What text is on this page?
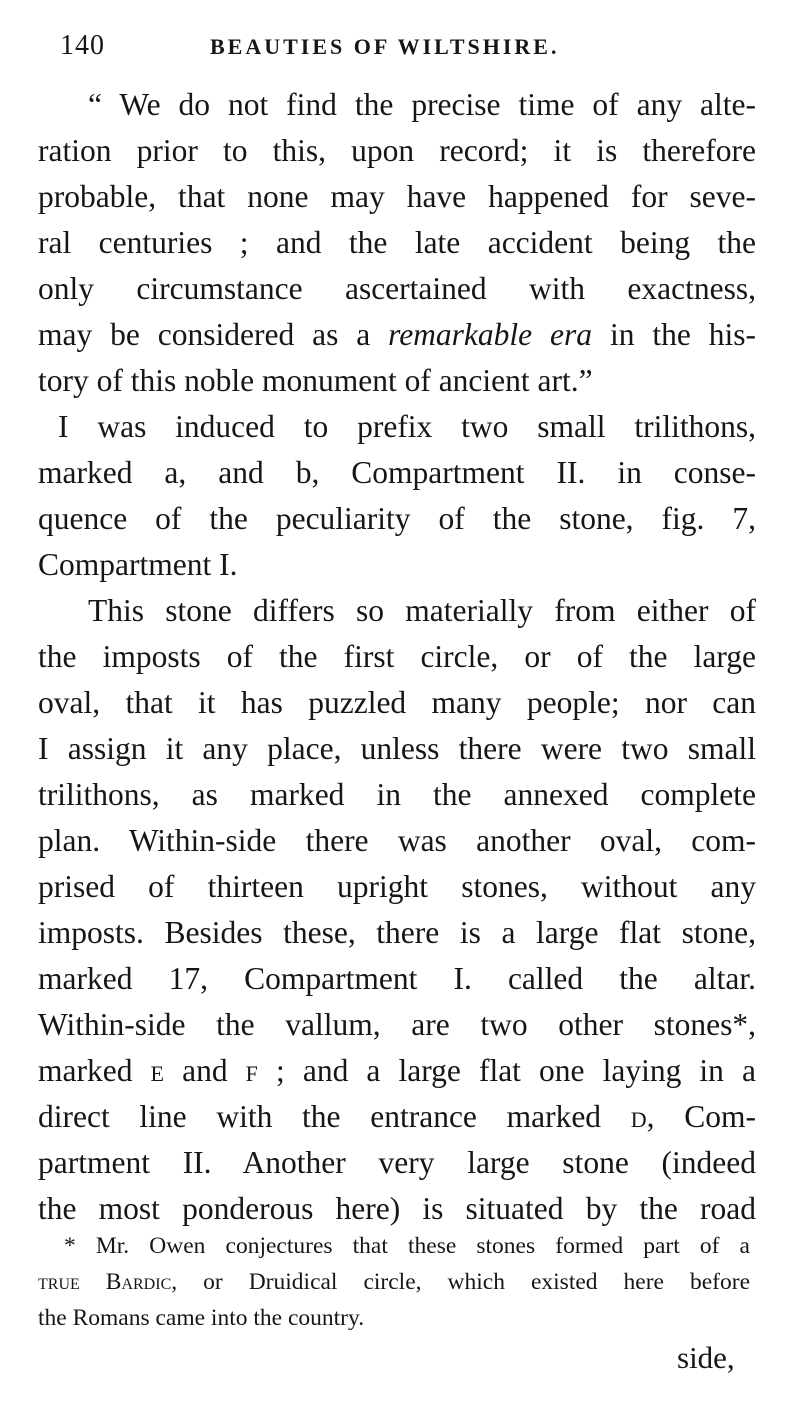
140	BEAUTIES OF WILTSHIRE.
“ We do not find the precise time of any alte-
ration prior to this, upon record; it is therefore
probable, that none may have happened for seve-
ral centuries ; and the late accident being the
only circumstance ascertained with exactness,
may be considered as a remarkable era in the his-
tory of this noble monument of ancient art.”
I was induced to prefix two small trilithons,
marked a, and b, Compartment II. in conse-
quence of the peculiarity of the stone, fig. 7,
Compartment I.
This stone differs so materially from either of
the imposts of the first circle, or of the large
oval, that it has puzzled many people; nor can
I assign it any place, unless there were two small
trilithons, as marked in the annexed complete
plan. Within-side there was another oval, com-
prised of thirteen upright stones, without any
imposts. Besides these, there is a large flat stone,
marked 17, Compartment I. called the altar.
Within-side the vallum, are two other stones*,
marked e and f ; and a large flat one laying in a
direct line with the entrance marked d, Com-
partment II. Another very large stone (indeed
the most ponderous here) is situated by the road
* Mr. Owen conjectures that these stones formed part of a
true Bardic, or Druidical circle, which existed here before
the Romans came into the country.
side,
